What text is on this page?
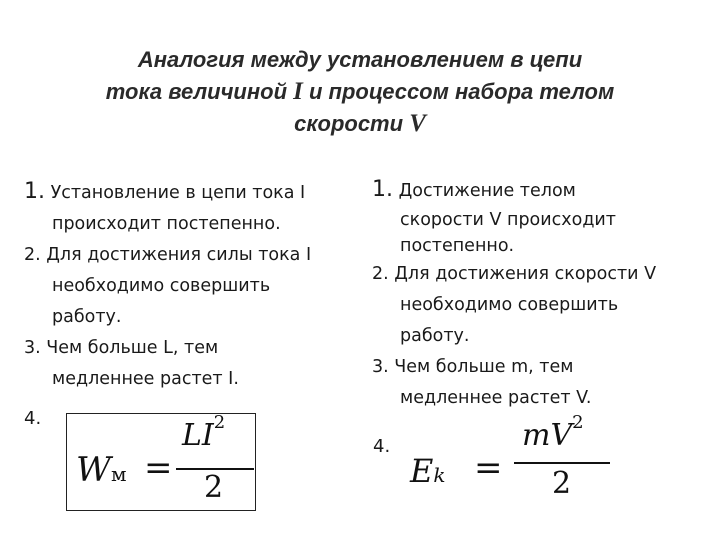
Аналогия между установлением в цепи
тока величиной I и процессом набора телом
скорости V
1. Установление в цепи тока I
происходит постепенно.
2. Для достижения силы тока I
необходимо совершить
работу.
3. Чем больше L, тем
медленнее растет I.
4.
Wм =
$LI^2$
2
1. Достижение телом
скорости V происходит
постепенно.
2. Для достижения скорости V
необходимо совершить
работу.
3. Чем больше m, тем
медленнее растет V.
4.
Ek =
$mV^2$
2
